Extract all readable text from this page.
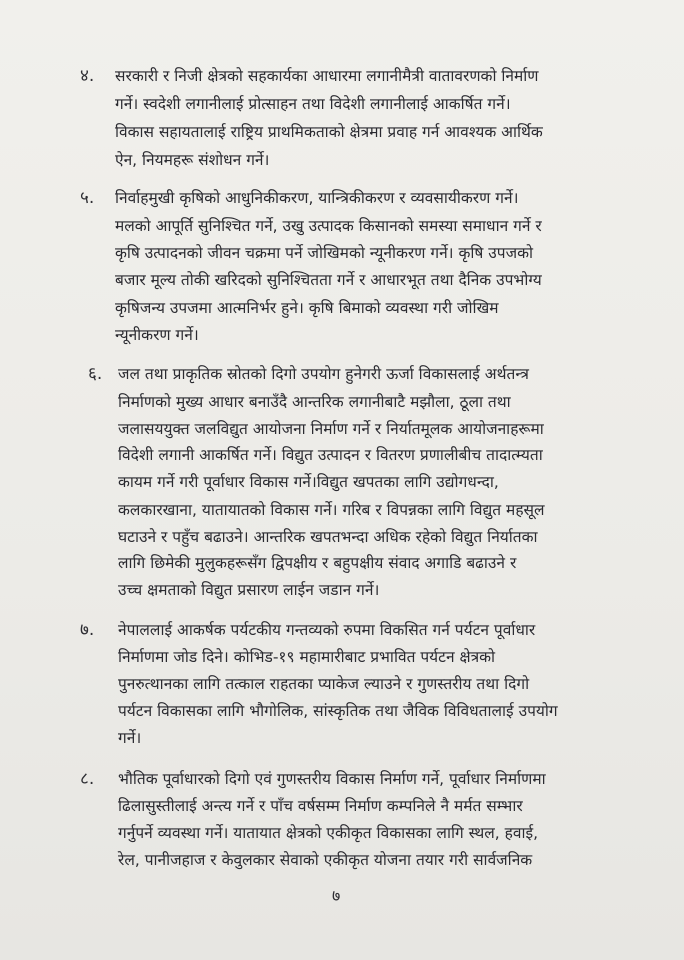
४. सरकारी र निजी क्षेत्रको सहकार्यका आधारमा लगानीमैत्री वातावरणको निर्माण
गर्ने। स्वदेशी लगानीलाई प्रोत्साहन तथा विदेशी लगानीलाई आकर्षित गर्ने।
विकास सहायतालाई राष्ट्रिय प्राथमिकताको क्षेत्रमा प्रवाह गर्न आवश्यक आर्थिक
ऐन, नियमहरू संशोधन गर्ने।
५. निर्वाहमुखी कृषिको आधुनिकीकरण, यान्त्रिकीकरण र व्यवसायीकरण गर्ने।
मलको आपूर्ति सुनिश्चित गर्ने, उखु उत्पादक किसानको समस्या समाधान गर्ने र
कृषि उत्पादनको जीवन चक्रमा पर्ने जोखिमको न्यूनीकरण गर्ने। कृषि उपजको
बजार मूल्य तोकी खरिदको सुनिश्चितता गर्ने र आधारभूत तथा दैनिक उपभोग्य
कृषिजन्य उपजमा आत्मनिर्भर हुने। कृषि बिमाको व्यवस्था गरी जोखिम
न्यूनीकरण गर्ने।
६. जल तथा प्राकृतिक स्रोतको दिगो उपयोग हुनेगरी ऊर्जा विकासलाई अर्थतन्त्र
निर्माणको मुख्य आधार बनाउँदै आन्तरिक लगानीबाटै मझौला, ठूला तथा
जलासययुक्त जलविद्युत आयोजना निर्माण गर्ने र निर्यातमूलक आयोजनाहरूमा
विदेशी लगानी आकर्षित गर्ने। विद्युत उत्पादन र वितरण प्रणालीबीच तादात्म्यता
कायम गर्ने गरी पूर्वाधार विकास गर्ने।विद्युत खपतका लागि उद्योगधन्दा,
कलकारखाना, यातायातको विकास गर्ने। गरिब र विपन्नका लागि विद्युत महसूल
घटाउने र पहुँच बढाउने। आन्तरिक खपतभन्दा अधिक रहेको विद्युत निर्यातका
लागि छिमेकी मुलुकहरूसँग द्विपक्षीय र बहुपक्षीय संवाद अगाडि बढाउने र
उच्च क्षमताको विद्युत प्रसारण लाईन जडान गर्ने।
७. नेपाललाई आकर्षक पर्यटकीय गन्तव्यको रुपमा विकसित गर्न पर्यटन पूर्वाधार
निर्माणमा जोड दिने। कोभिड-१९ महामारीबाट प्रभावित पर्यटन क्षेत्रको
पुनरुत्थानका लागि तत्काल राहतका प्याकेज ल्याउने र गुणस्तरीय तथा दिगो
पर्यटन विकासका लागि भौगोलिक, सांस्कृतिक तथा जैविक विविधतालाई उपयोग
गर्ने।
८. भौतिक पूर्वाधारको दिगो एवं गुणस्तरीय विकास निर्माण गर्ने, पूर्वाधार निर्माणमा
ढिलासुस्तीलाई अन्त्य गर्ने र पाँच वर्षसम्म निर्माण कम्पनिले नै मर्मत सम्भार
गर्नुपर्ने व्यवस्था गर्ने। यातायात क्षेत्रको एकीकृत विकासका लागि स्थल, हवाई,
रेल, पानीजहाज र केवुलकार सेवाको एकीकृत योजना तयार गरी सार्वजनिक
७
